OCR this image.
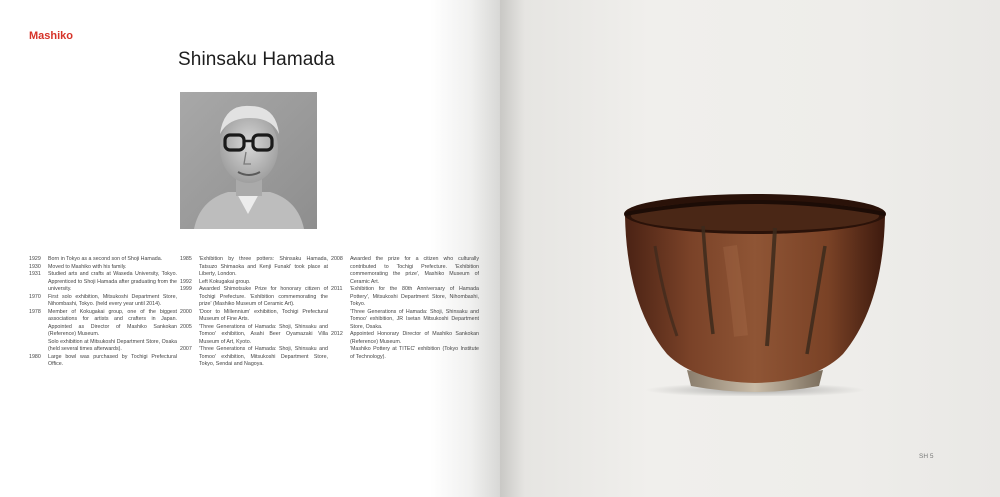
Mashiko
Shinsaku Hamada
1929	Born in Tokyo as a second son of Shoji Hamada.
1930	Moved to Mashiko with his family.
1931	Studied arts and crafts at Waseda University, Tokyo. Apprenticed to Shoji Hamada after graduating from the university.
1970	First solo exhibition, Mitsukoshi Department Store, Nihombashi, Tokyo. (held every year until 2014).
1978	Member of Kokugakai group, one of the biggest associations for artists and crafters in Japan. Appointed as Director of Mashiko Sankokan (Reference) Museum.
Solo exhibition at Mitsukoshi Department Store, Osaka (held several times afterwards).
1980	Large bowl was purchased by Tochigi Prefectural Office.
1985	'Exhibition by three potters: Shinsaku Hamada, Tatsuzo Shimaoka and Kenji Funaki' took place at Liberty, London.
1992	Left Kokugakai group.
1999	Awarded Shimotsuke Prize for honorary citizen of Tochigi Prefecture. 'Exhibition commemorating the prize' (Mashiko Museum of Ceramic Art).
2000	'Door to Millennium' exhibition, Tochigi Prefectural Museum of Fine Arts.
2005	'Three Generations of Hamada: Shoji, Shinsaku and Tomoo' exhibition, Asahi Beer Oyamazaki Villa Museum of Art, Kyoto.
2007	'Three Generations of Hamada: Shoji, Shinsaku and Tomoo' exhibition, Mitsukoshi Department Store, Tokyo, Sendai and Nagoya.
2008	Awarded the prize for a citizen who culturally contributed to Tochigi Prefecture. 'Exhibition commemorating the prize', Mashiko Museum of Ceramic Art.
2011	'Exhibition for the 80th Anniversary of Hamada Pottery', Mitsukoshi Department Store, Nihombashi, Tokyo.
'Three Generations of Hamada: Shoji, Shinsaku and Tomoo' exhibition, JR Isetan Mitsukoshi Department Store, Osaka.
2012	Appointed Honorary Director of Mashiko Sankokan (Reference) Museum.
'Mashiko Pottery at TITEC' exhibition (Tokyo Institute of Technology).
SH 5
